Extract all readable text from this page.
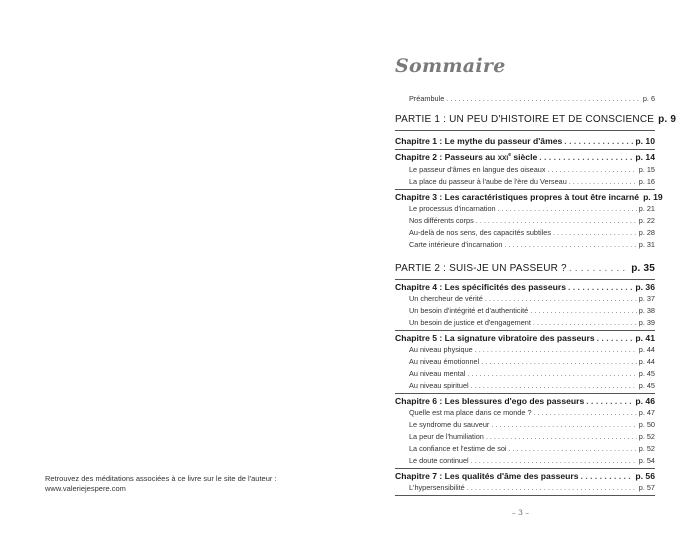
Retrouvez des méditations associées à ce livre sur le site de l'auteur :
www.valeriejespere.com
Sommaire
Préambule . . .	p. 6
PARTIE 1 : UN PEU D'HISTOIRE ET DE CONSCIENCE p. 9
Chapitre 1 : Le mythe du passeur d'âmes . . .	p. 10
Chapitre 2 : Passeurs au XXIe siècle . . .	p. 14
Le passeur d'âmes en langue des oiseaux . . .	p. 15
La place du passeur à l'aube de l'ère du Verseau . . .	p. 16
Chapitre 3 : Les caractéristiques propres à tout être incarné p. 19
Le processus d'incarnation . . .	p. 21
Nos différents corps . . .	p. 22
Au-delà de nos sens, des capacités subtiles . . .	p. 28
Carte intérieure d'incarnation . . .	p. 31
PARTIE 2 : SUIS-JE UN PASSEUR ? . . .	p. 35
Chapitre 4 : Les spécificités des passeurs . . .	p. 36
Un chercheur de vérité . . .	p. 37
Un besoin d'intégrité et d'authenticité . . .	p. 38
Un besoin de justice et d'engagement . . .	p. 39
Chapitre 5 : La signature vibratoire des passeurs . . .	p. 41
Au niveau physique . . .	p. 44
Au niveau émotionnel . . .	p. 44
Au niveau mental . . .	p. 45
Au niveau spirituel . . .	p. 45
Chapitre 6 : Les blessures d'ego des passeurs . . .	p. 46
Quelle est ma place dans ce monde ? . . .	p. 47
Le syndrome du sauveur . . .	p. 50
La peur de l'humiliation . . .	p. 52
La confiance et l'estime de soi . . .	p. 52
Le doute continuel . . .	p. 54
Chapitre 7 : Les qualités d'âme des passeurs . . .	p. 56
L'hypersensibilité . . .	p. 57
– 3 –
